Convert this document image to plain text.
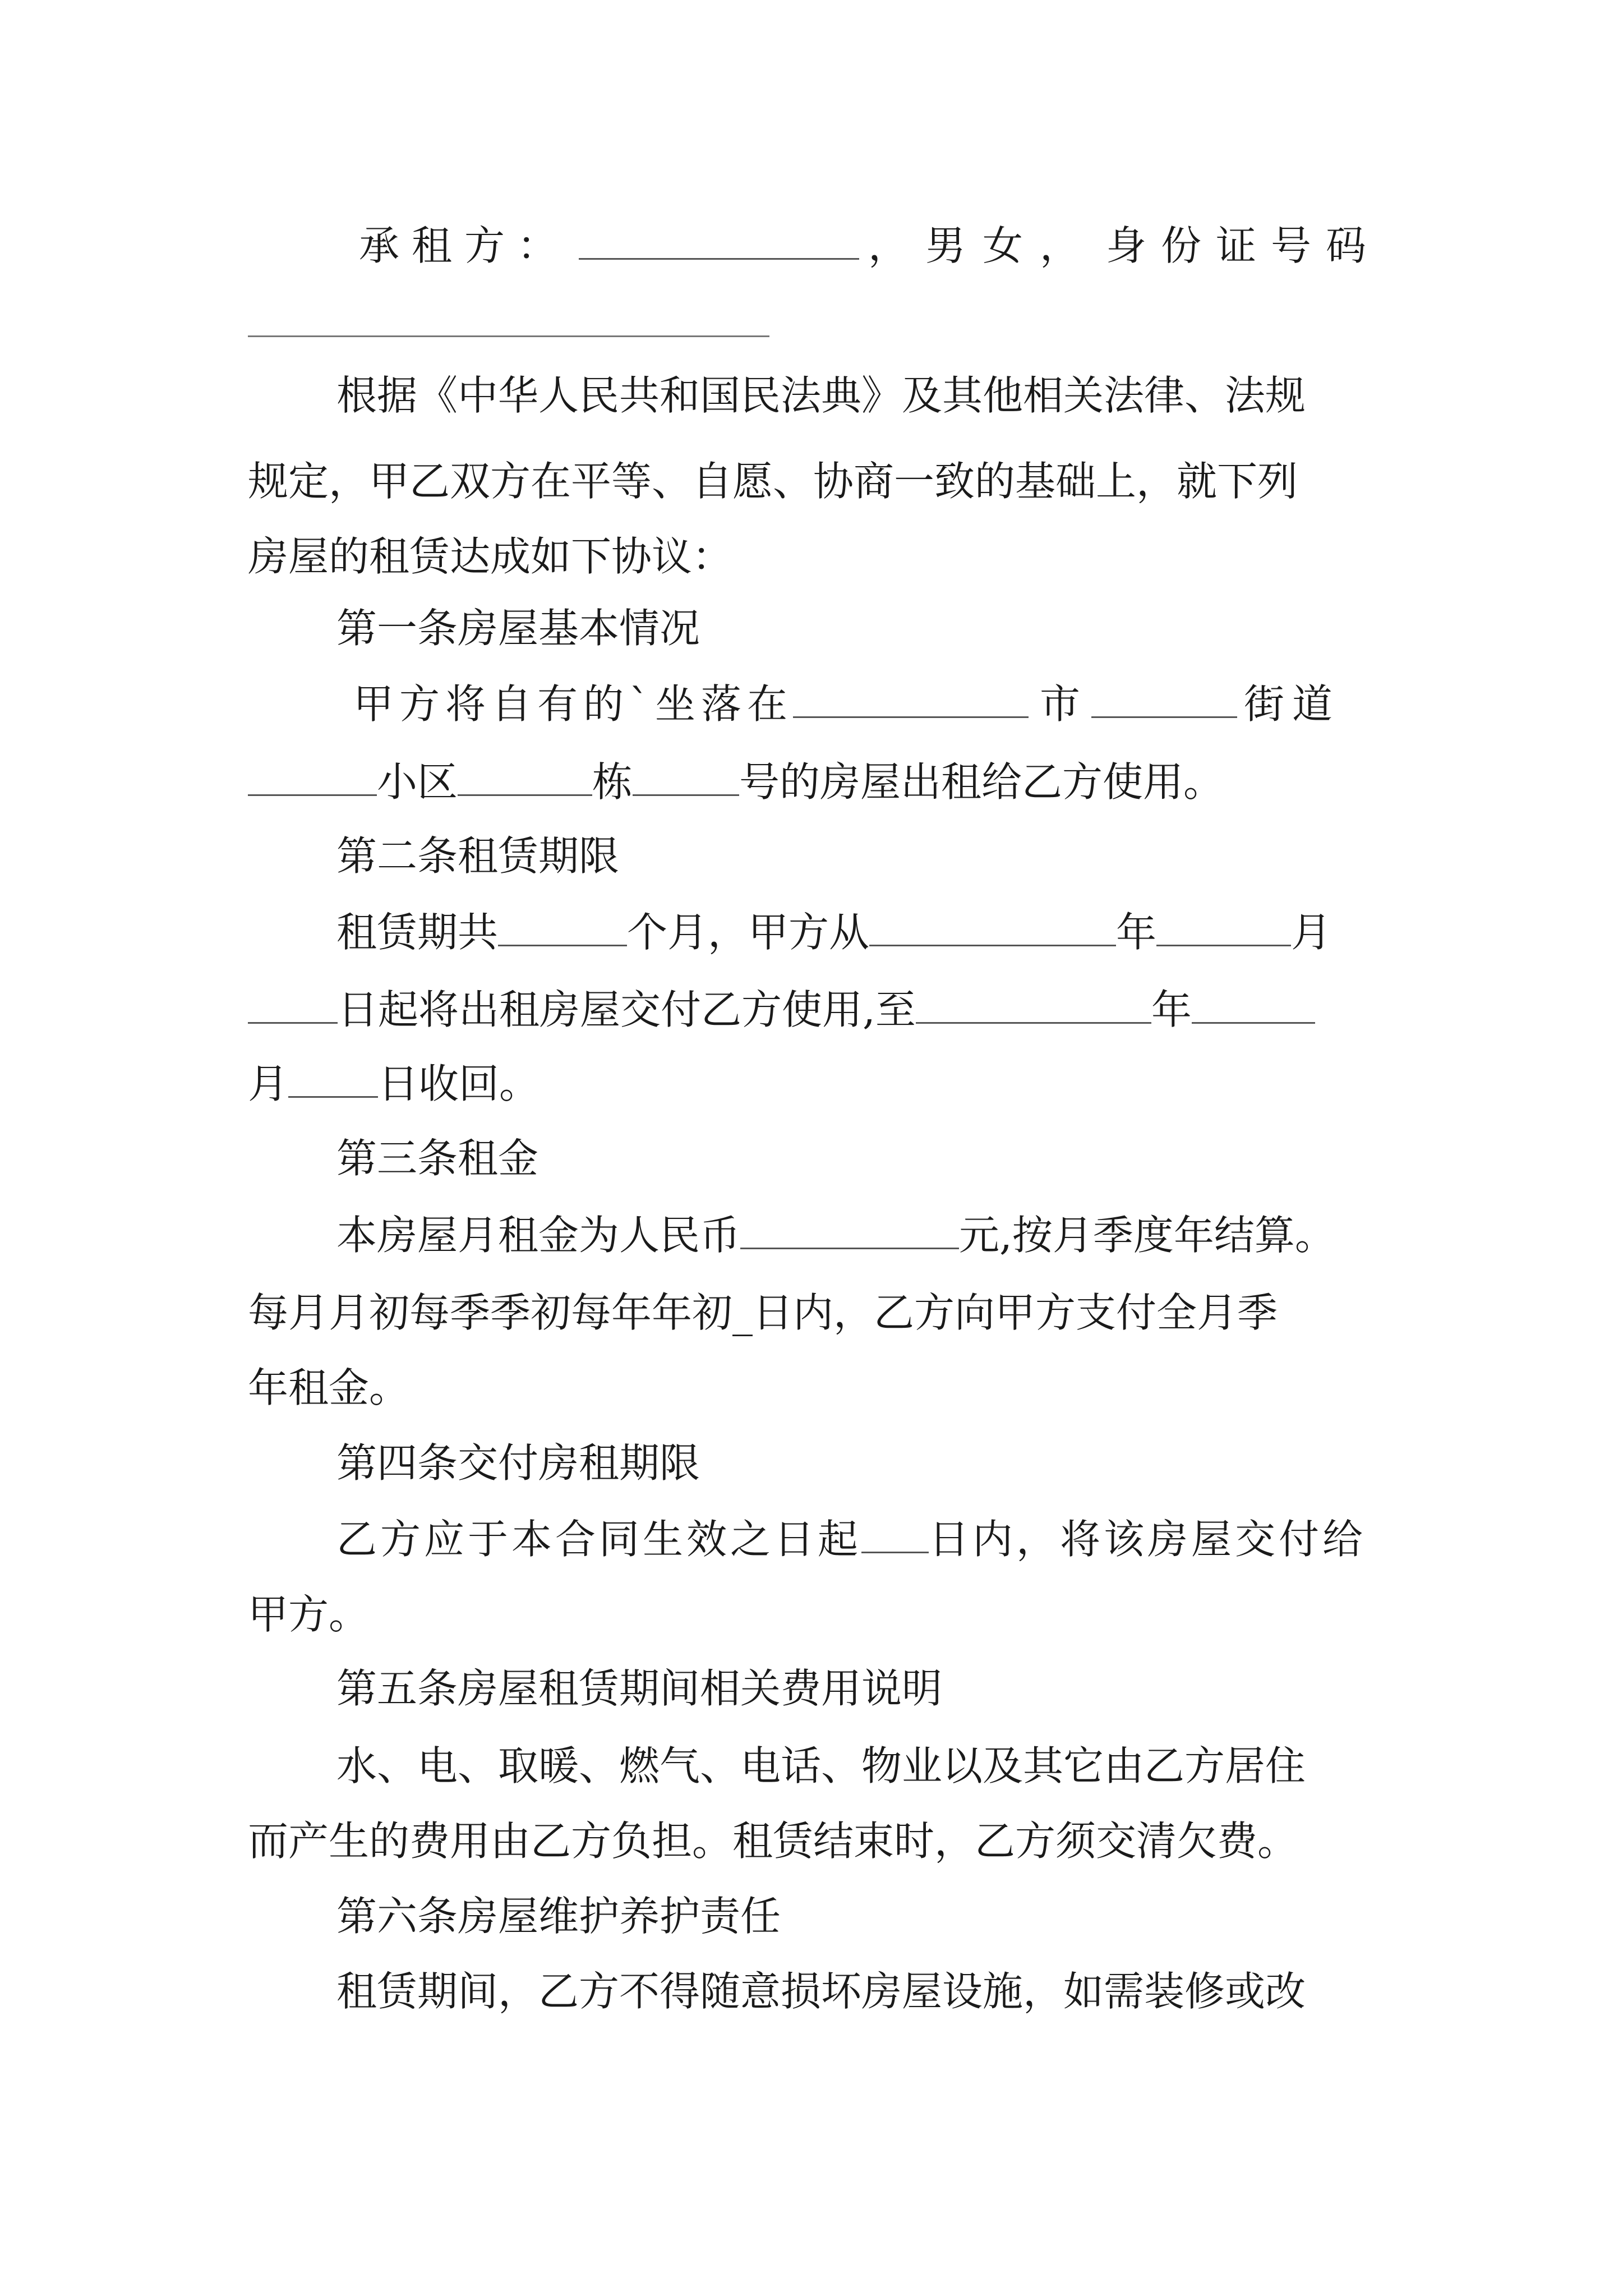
承租方：	，男女， 身份证号码
根据《中华人民共和国民法典》及其他相关法律、法规
规定，甲乙双方在平等、自愿、协商一致的基础上，就下列
房屋的租赁达成如下协议：
第一条房屋基本情况
甲方将自有的`坐落在	市	街道
小区	栋	号的房屋出租给乙方使用。
第二条租赁期限
租赁期共	个月，甲方从	年	月
日起将出租房屋交付乙方使用,至	年
月 日收回。
第三条租金
本房屋月租金为人民币	元,按月季度年结算。
每月月初每季季初每年年初_日内，乙方向甲方支付全月季
年租金。
第四条交付房租期限
乙方应于本合同生效之日起 日内，将该房屋交付给
甲方。
第五条房屋租赁期间相关费用说明
水、电、取暖、燃气、电话、物业以及其它由乙方居住
而产生的费用由乙方负担。租赁结束时，乙方须交清欠费。
第六条房屋维护养护责任
租赁期间，乙方不得随意损坏房屋设施，如需装修或改
